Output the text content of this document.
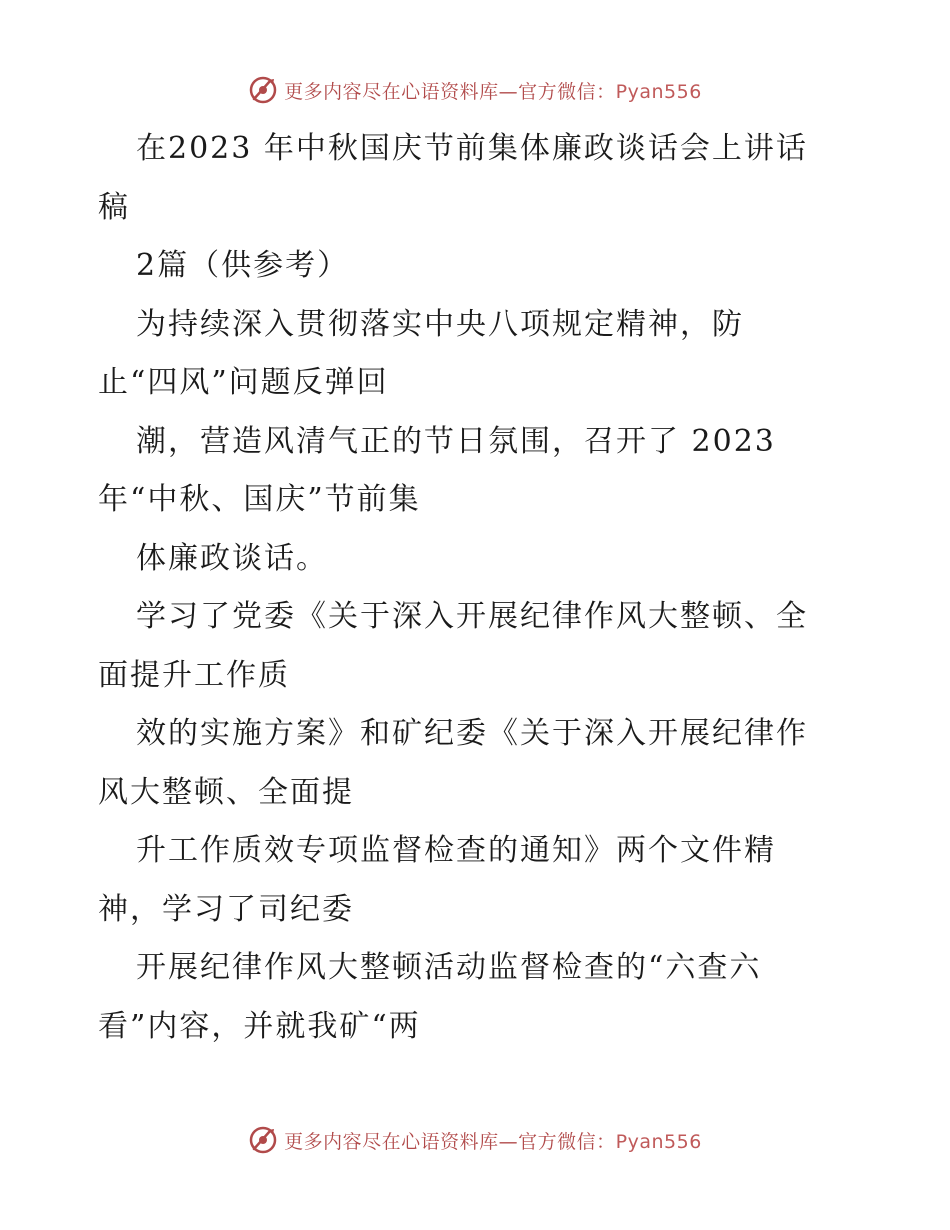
更多内容尽在心语资料库—官方微信：Pyan556
在2023 年中秋国庆节前集体廉政谈话会上讲话
稿
2篇（供参考）
为持续深入贯彻落实中央八项规定精神，防
止“四风”问题反弹回
潮，营造风清气正的节日氛围，召开了 2023
年“中秋、国庆”节前集
体廉政谈话。
学习了党委《关于深入开展纪律作风大整顿、全
面提升工作质
效的实施方案》和矿纪委《关于深入开展纪律作
风大整顿、全面提
升工作质效专项监督检查的通知》两个文件精
神，学习了司纪委
开展纪律作风大整顿活动监督检查的“六查六
看”内容，并就我矿“两
更多内容尽在心语资料库—官方微信：Pyan556
